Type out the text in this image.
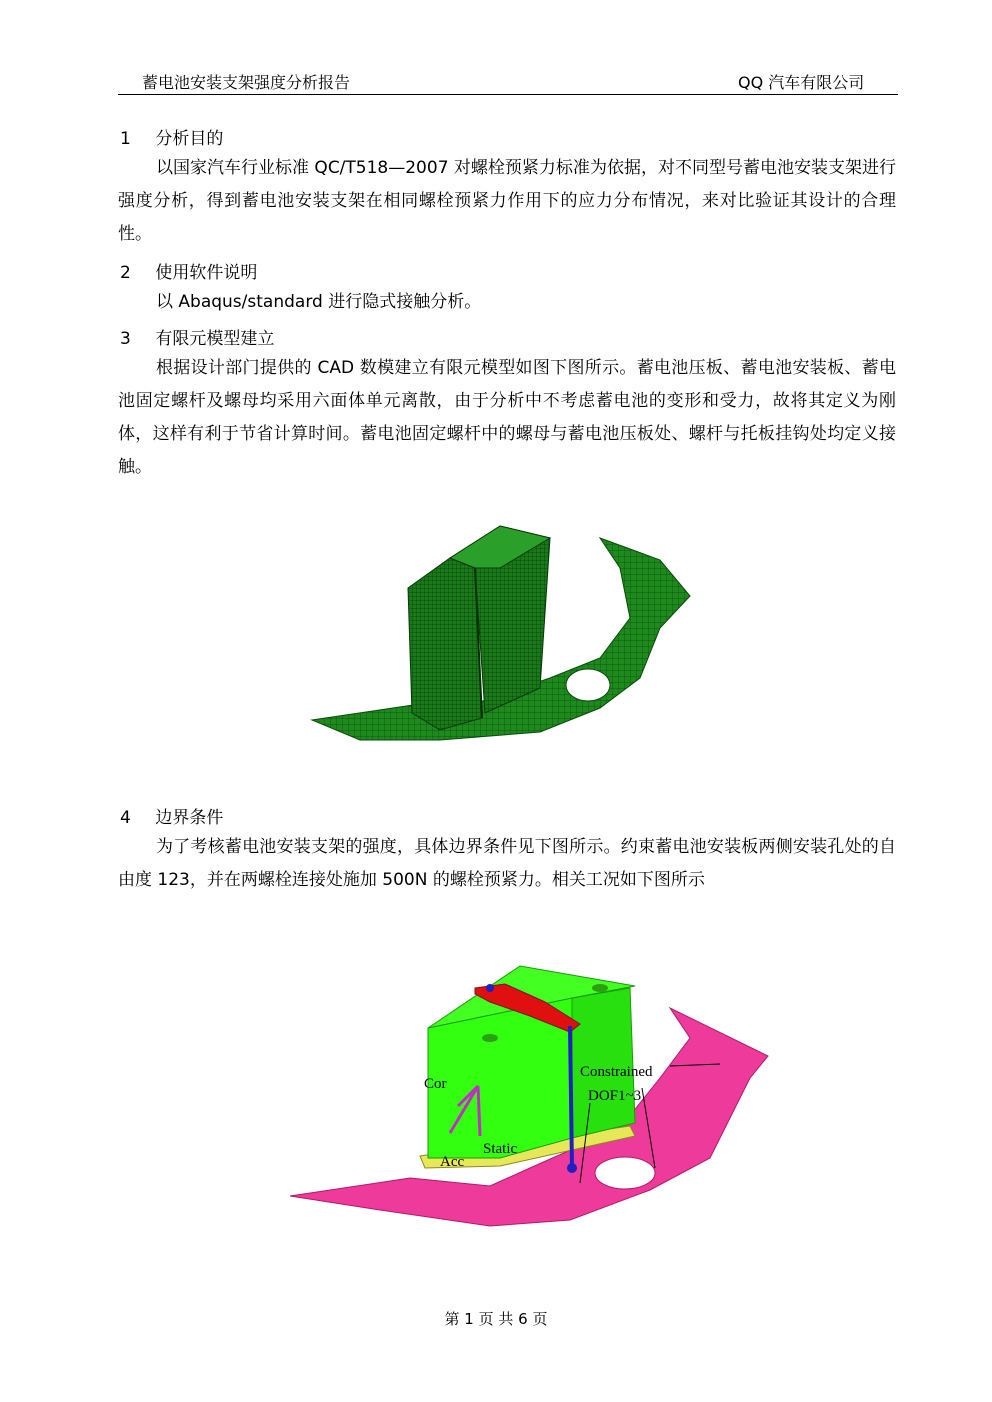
蓄电池安装支架强度分析报告	QQ 汽车有限公司
1 分析目的
以国家汽车行业标准 QC/T518—2007 对螺栓预紧力标准为依据，对不同型号蓄电池安装支架进行强度分析，得到蓄电池安装支架在相同螺栓预紧力作用下的应力分布情况，来对比验证其设计的合理性。
2 使用软件说明
以 Abaqus/standard 进行隐式接触分析。
3 有限元模型建立
根据设计部门提供的 CAD 数模建立有限元模型如图下图所示。蓄电池压板、蓄电池安装板、蓄电池固定螺杆及螺母均采用六面体单元离散，由于分析中不考虑蓄电池的变形和受力，故将其定义为刚体，这样有利于节省计算时间。蓄电池固定螺杆中的螺母与蓄电池压板处、螺杆与托板挂钩处均定义接触。
4 边界条件
为了考核蓄电池安装支架的强度，具体边界条件见下图所示。约束蓄电池安装板两侧安装孔处的自由度 123，并在两螺栓连接处施加 500N 的螺栓预紧力。相关工况如下图所示
Constrained
DOF1~3
Cor
Static
Acc
第 1 页 共 6 页
